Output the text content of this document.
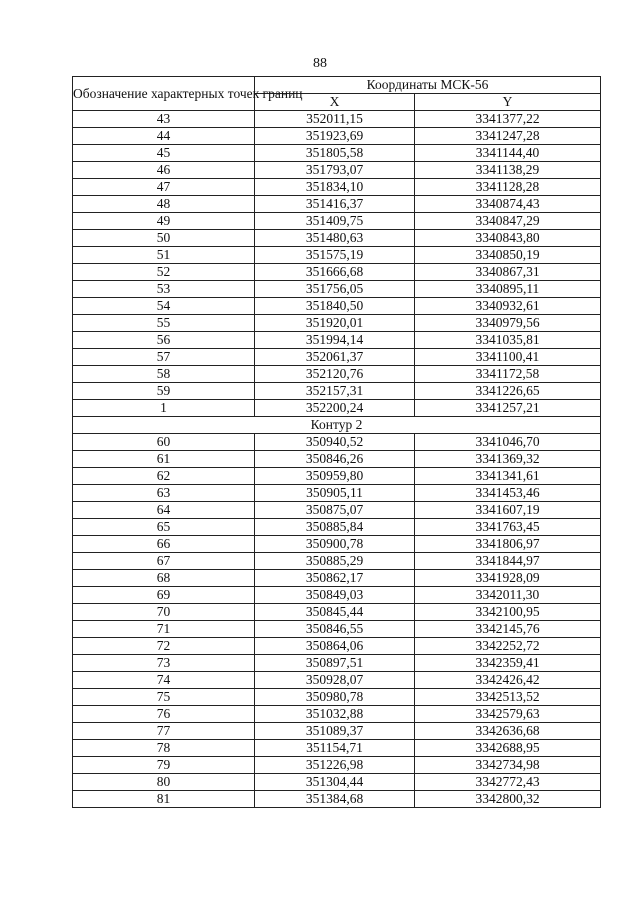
88
Обозначение характерных точек границ	Координаты МСК-56	
	X	Y
43	352011,15	3341377,22
44	351923,69	3341247,28
45	351805,58	3341144,40
46	351793,07	3341138,29
47	351834,10	3341128,28
48	351416,37	3340874,43
49	351409,75	3340847,29
50	351480,63	3340843,80
51	351575,19	3340850,19
52	351666,68	3340867,31
53	351756,05	3340895,11
54	351840,50	3340932,61
55	351920,01	3340979,56
56	351994,14	3341035,81
57	352061,37	3341100,41
58	352120,76	3341172,58
59	352157,31	3341226,65
1	352200,24	3341257,21
Контур 2		
60	350940,52	3341046,70
61	350846,26	3341369,32
62	350959,80	3341341,61
63	350905,11	3341453,46
64	350875,07	3341607,19
65	350885,84	3341763,45
66	350900,78	3341806,97
67	350885,29	3341844,97
68	350862,17	3341928,09
69	350849,03	3342011,30
70	350845,44	3342100,95
71	350846,55	3342145,76
72	350864,06	3342252,72
73	350897,51	3342359,41
74	350928,07	3342426,42
75	350980,78	3342513,52
76	351032,88	3342579,63
77	351089,37	3342636,68
78	351154,71	3342688,95
79	351226,98	3342734,98
80	351304,44	3342772,43
81	351384,68	3342800,32
